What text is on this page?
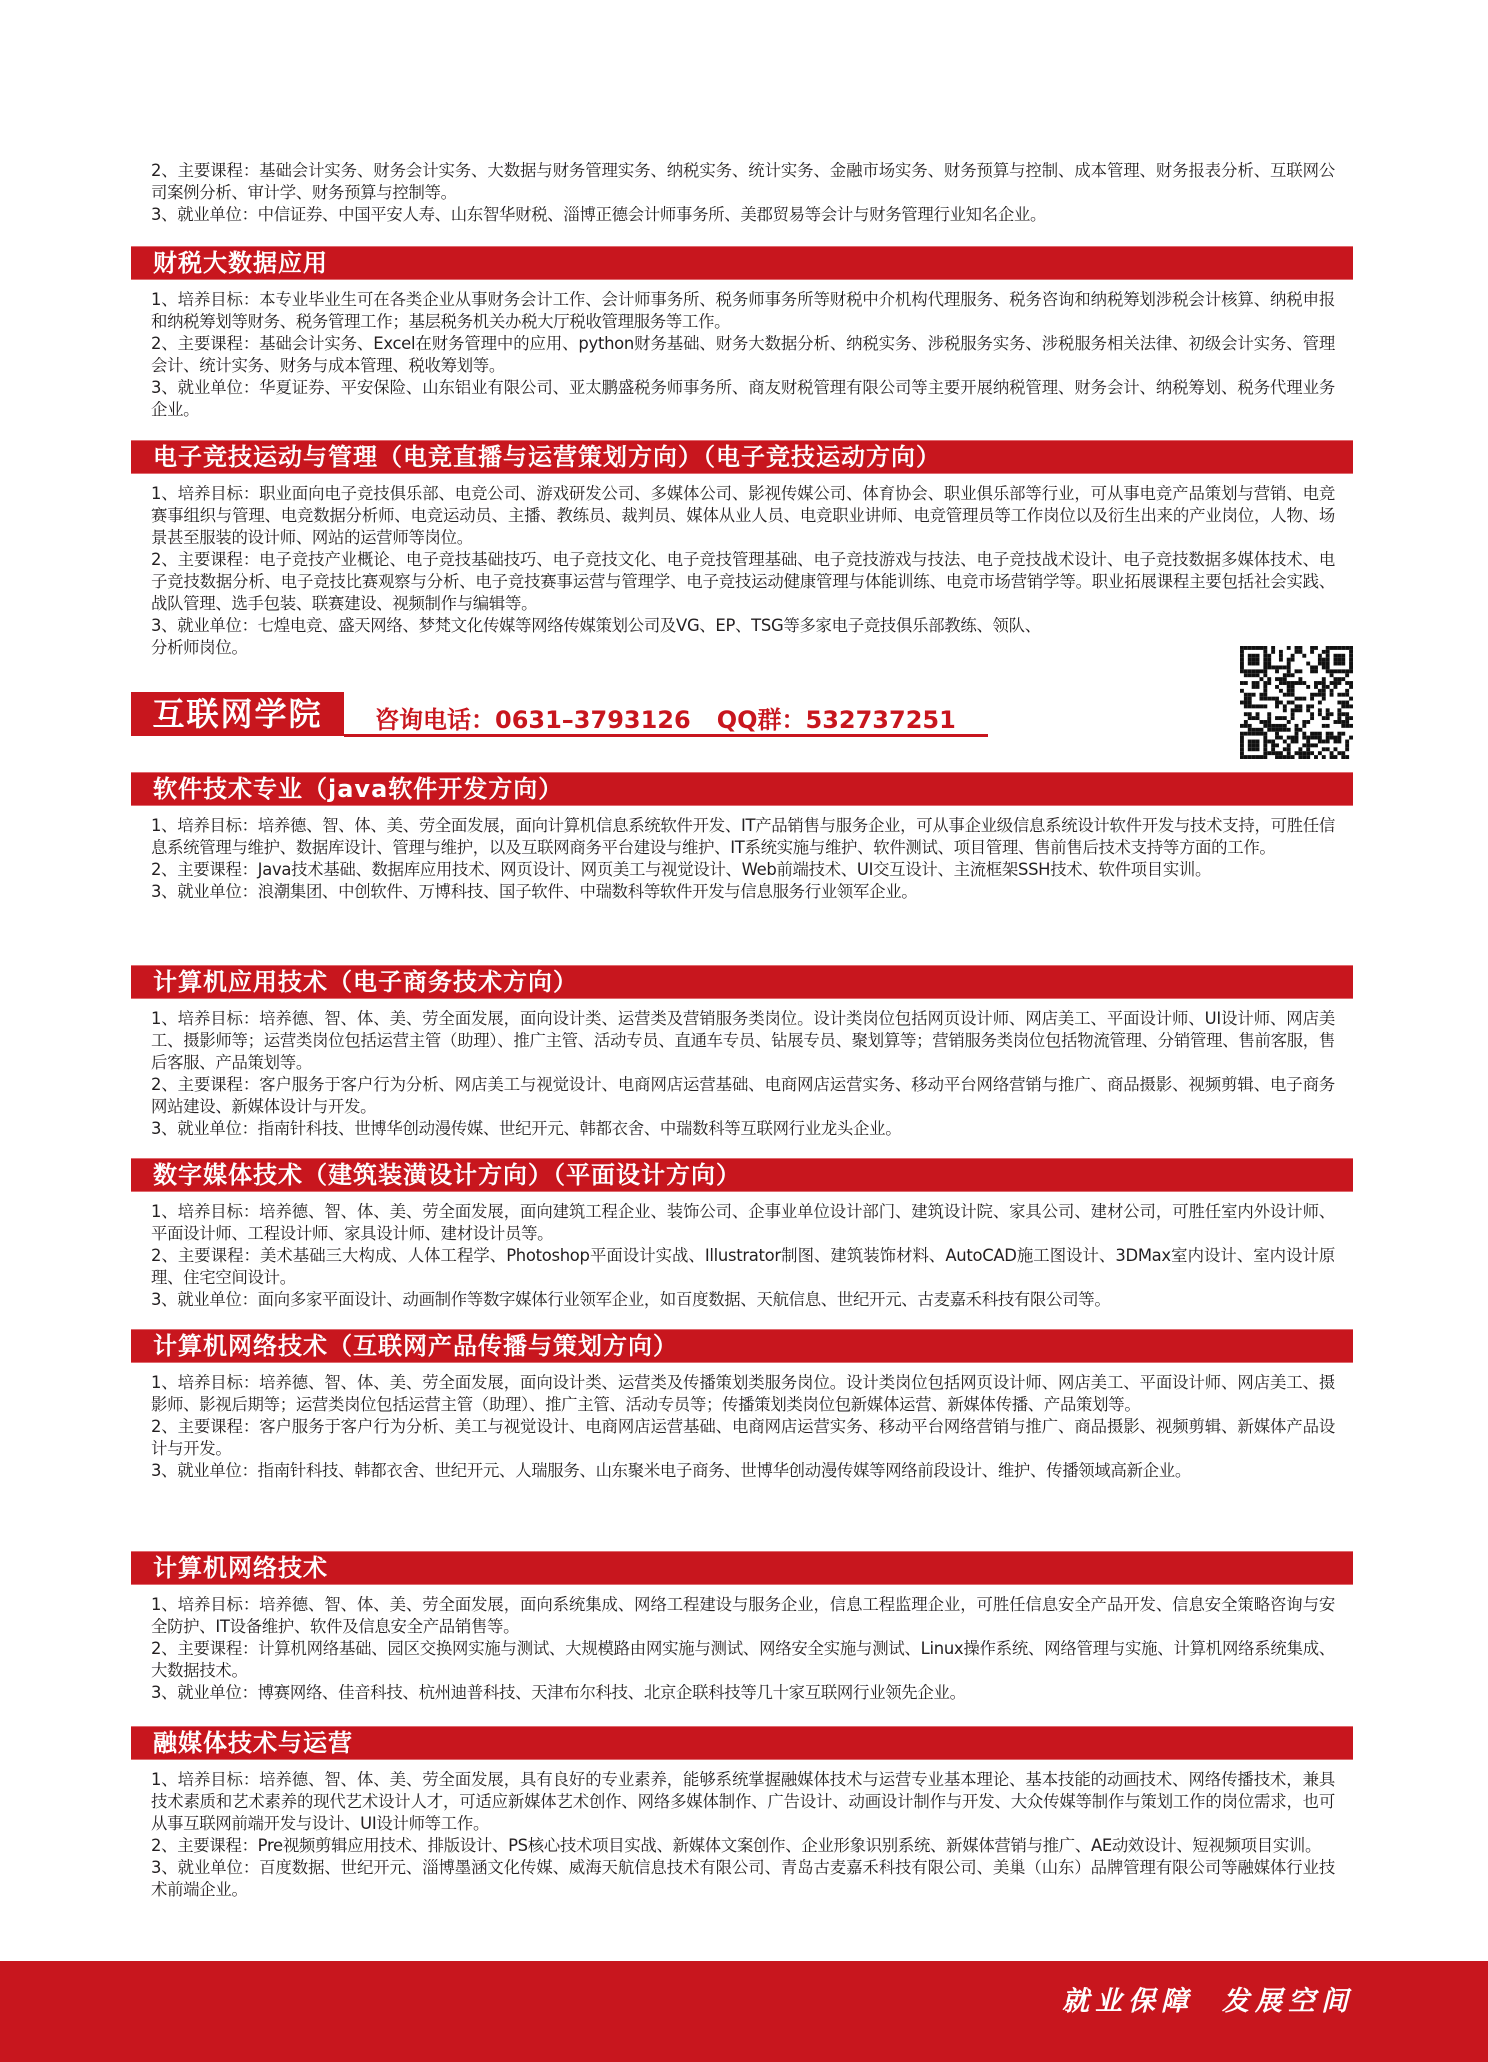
2、主要课程：基础会计实务、财务会计实务、大数据与财务管理实务、纳税实务、统计实务、金融市场实务、财务预算与控制、成本管理、财务报表分析、互联网公司案例分析、审计学、财务预算与控制等。

3、就业单位：中信证券、中国平安人寿、山东智华财税、淄博正德会计师事务所、美郡贸易等会计与财务管理行业知名企业。

互联网学院	咨询电话：0631–3793126 QQ群：532737251
财税大数据应用

1、培养目标：本专业毕业生可在各类企业从事财务会计工作、会计师事务所、税务师事务所等财税中介机构代理服务、税务咨询和纳税筹划涉税会计核算、纳税申报和纳税筹划等财务、税务管理工作；基层税务机关办税大厅税收管理服务等工作。

2、主要课程：基础会计实务、Excel在财务管理中的应用、python财务基础、财务大数据分析、纳税实务、涉税服务实务、涉税服务相关法律、初级会计实务、管理会计、统计实务、财务与成本管理、税收筹划等。

3、就业单位：华夏证券、平安保险、山东铝业有限公司、亚太鹏盛税务师事务所、商友财税管理有限公司等主要开展纳税管理、财务会计、纳税筹划、税务代理业务企业。

电子竞技运动与管理（电竞直播与运营策划方向）（电子竞技运动方向）

1、培养目标：职业面向电子竞技俱乐部、电竞公司、游戏研发公司、多媒体公司、影视传媒公司、体育协会、职业俱乐部等行业，可从事电竞产品策划与营销、电竞赛事组织与管理、电竞数据分析师、电竞运动员、主播、教练员、裁判员、媒体从业人员、电竞职业讲师、电竞管理员等工作岗位以及衍生出来的产业岗位，人物、场景甚至服装的设计师、网站的运营师等岗位。

2、主要课程：电子竞技产业概论、电子竞技基础技巧、电子竞技文化、电子竞技管理基础、电子竞技游戏与技法、电子竞技战术设计、电子竞技数据多媒体技术、电子竞技数据分析、电子竞技比赛观察与分析、电子竞技赛事运营与管理学、电子竞技运动健康管理与体能训练、电竞市场营销学等。职业拓展课程主要包括社会实践、战队管理、选手包装、联赛建设、视频制作与编辑等。

3、就业单位：七煌电竞、盛天网络、梦梵文化传媒等网络传媒策划公司及VG、EP、TSG等多家电子竞技俱乐部教练、领队、

分析师岗位。

软件技术专业（java软件开发方向）

1、培养目标：培养德、智、体、美、劳全面发展，面向计算机信息系统软件开发、IT产品销售与服务企业，可从事企业级信息系统设计软件开发与技术支持，可胜任信息系统管理与维护、数据库设计、管理与维护，以及互联网商务平台建设与维护、IT系统实施与维护、软件测试、项目管理、售前售后技术支持等方面的工作。

2、主要课程：Java技术基础、数据库应用技术、网页设计、网页美工与视觉设计、Web前端技术、UI交互设计、主流框架SSH技术、软件项目实训。

3、就业单位：浪潮集团、中创软件、万博科技、国子软件、中瑞数科等软件开发与信息服务行业领军企业。

计算机应用技术（电子商务技术方向）

1、培养目标：培养德、智、体、美、劳全面发展，面向设计类、运营类及营销服务类岗位。设计类岗位包括网页设计师、网店美工、平面设计师、UI设计师、网店美工、摄影师等；运营类岗位包括运营主管（助理）、推广主管、活动专员、直通车专员、钻展专员、聚划算等；营销服务类岗位包括物流管理、分销管理、售前客服，售后客服、产品策划等。

2、主要课程：客户服务于客户行为分析、网店美工与视觉设计、电商网店运营基础、电商网店运营实务、移动平台网络营销与推广、商品摄影、视频剪辑、电子商务网站建设、新媒体设计与开发。

3、就业单位：指南针科技、世博华创动漫传媒、世纪开元、韩都衣舍、中瑞数科等互联网行业龙头企业。

数字媒体技术（建筑装潢设计方向）（平面设计方向）

1、培养目标：培养德、智、体、美、劳全面发展，面向建筑工程企业、装饰公司、企事业单位设计部门、建筑设计院、家具公司、建材公司，可胜任室内外设计师、平面设计师、工程设计师、家具设计师、建材设计员等。

2、主要课程：美术基础三大构成、人体工程学、Photoshop平面设计实战、Illustrator制图、建筑装饰材料、AutoCAD施工图设计、3DMax室内设计、室内设计原理、住宅空间设计。

3、就业单位：面向多家平面设计、动画制作等数字媒体行业领军企业，如百度数据、天航信息、世纪开元、古麦嘉禾科技有限公司等。

计算机网络技术（互联网产品传播与策划方向）

1、培养目标：培养德、智、体、美、劳全面发展，面向设计类、运营类及传播策划类服务岗位。设计类岗位包括网页设计师、网店美工、平面设计师、网店美工、摄影师、影视后期等；运营类岗位包括运营主管（助理）、推广主管、活动专员等；传播策划类岗位包新媒体运营、新媒体传播、产品策划等。

2、主要课程：客户服务于客户行为分析、美工与视觉设计、电商网店运营基础、电商网店运营实务、移动平台网络营销与推广、商品摄影、视频剪辑、新媒体产品设计与开发。

3、就业单位：指南针科技、韩都衣舍、世纪开元、人瑞服务、山东聚米电子商务、世博华创动漫传媒等网络前段设计、维护、传播领域高新企业。

计算机网络技术

1、培养目标：培养德、智、体、美、劳全面发展，面向系统集成、网络工程建设与服务企业，信息工程监理企业，可胜任信息安全产品开发、信息安全策略咨询与安全防护、IT设备维护、软件及信息安全产品销售等。

2、主要课程：计算机网络基础、园区交换网实施与测试、大规模路由网实施与测试、网络安全实施与测试、Linux操作系统、网络管理与实施、计算机网络系统集成、大数据技术。

3、就业单位：博赛网络、佳音科技、杭州迪普科技、天津布尔科技、北京企联科技等几十家互联网行业领先企业。

融媒体技术与运营

1、培养目标：培养德、智、体、美、劳全面发展，具有良好的专业素养，能够系统掌握融媒体技术与运营专业基本理论、基本技能的动画技术、网络传播技术，兼具技术素质和艺术素养的现代艺术设计人才，可适应新媒体艺术创作、网络多媒体制作、广告设计、动画设计制作与开发、大众传媒等制作与策划工作的岗位需求，也可从事互联网前端开发与设计、UI设计师等工作。

2、主要课程：Pre视频剪辑应用技术、排版设计、PS核心技术项目实战、新媒体文案创作、企业形象识别系统、新媒体营销与推广、AE动效设计、短视频项目实训。

3、就业单位：百度数据、世纪开元、淄博墨涵文化传媒、威海天航信息技术有限公司、青岛古麦嘉禾科技有限公司、美巢（山东）品牌管理有限公司等融媒体行业技术前端企业。

就业保障 发展空间
